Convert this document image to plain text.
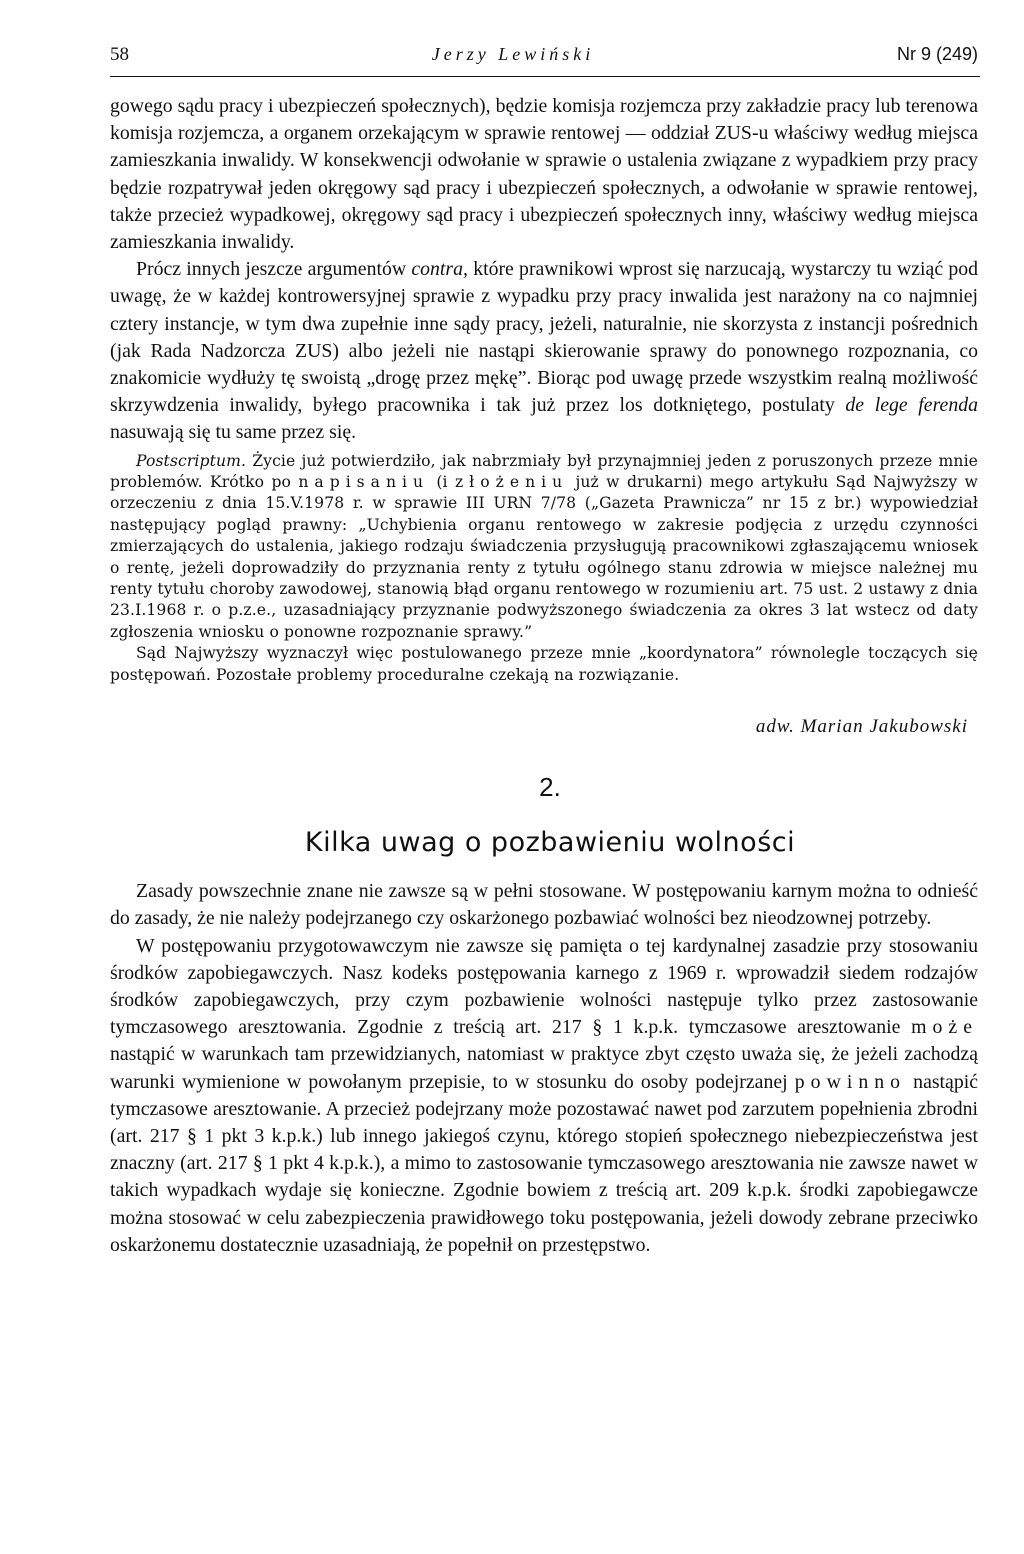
58	Jerzy Lewiński	Nr 9 (249)

gowego sądu pracy i ubezpieczeń społecznych), będzie komisja rozjemcza przy zakładzie pracy lub terenowa komisja rozjemcza, a organem orzekającym w sprawie rentowej — oddział ZUS-u właściwy według miejsca zamieszkania inwalidy. W konsekwencji odwołanie w sprawie o ustalenia związane z wypadkiem przy pracy będzie rozpatrywał jeden okręgowy sąd pracy i ubezpieczeń społecznych, a odwołanie w sprawie rentowej, także przecież wypadkowej, okręgowy sąd pracy i ubezpieczeń społecznych inny, właściwy według miejsca zamieszkania inwalidy.

Prócz innych jeszcze argumentów contra, które prawnikowi wprost się narzucają, wystarczy tu wziąć pod uwagę, że w każdej kontrowersyjnej sprawie z wypadku przy pracy inwalida jest narażony na co najmniej cztery instancje, w tym dwa zupełnie inne sądy pracy, jeżeli, naturalnie, nie skorzysta z instancji pośrednich (jak Rada Nadzorcza ZUS) albo jeżeli nie nastąpi skierowanie sprawy do ponownego rozpoznania, co znakomicie wydłuży tę swoistą „drogę przez mękę”. Biorąc pod uwagę przede wszystkim realną możliwość skrzywdzenia inwalidy, byłego pracownika i tak już przez los dotkniętego, postulaty de lege ferenda nasuwają się tu same przez się.

Postscriptum. Życie już potwierdziło, jak nabrzmiały był przynajmniej jeden z poruszonych przeze mnie problemów. Krótko po napisaniu (i złożeniu już w drukarni) mego artykułu Sąd Najwyższy w orzeczeniu z dnia 15.V.1978 r. w sprawie III URN 7/78 („Gazeta Prawnicza” nr 15 z br.) wypowiedział następujący pogląd prawny: „Uchybienia organu rentowego w zakresie podjęcia z urzędu czynności zmierzających do ustalenia, jakiego rodzaju świadczenia przysługują pracownikowi zgłaszającemu wniosek o rentę, jeżeli doprowadziły do przyznania renty z tytułu ogólnego stanu zdrowia w miejsce należnej mu renty tytułu choroby zawodowej, stanowią błąd organu rentowego w rozumieniu art. 75 ust. 2 ustawy z dnia 23.I.1968 r. o p.z.e., uzasadniający przyznanie podwyższonego świadczenia za okres 3 lat wstecz od daty zgłoszenia wniosku o ponowne rozpoznanie sprawy.”

Sąd Najwyższy wyznaczył więc postulowanego przeze mnie „koordynatora” równolegle toczących się postępowań. Pozostałe problemy proceduralne czekają na rozwiązanie.

adw. Marian Jakubowski
2.
Kilka uwag o pozbawieniu wolności

Zasady powszechnie znane nie zawsze są w pełni stosowane. W postępowaniu karnym można to odnieść do zasady, że nie należy podejrzanego czy oskarżonego pozbawiać wolności bez nieodzownej potrzeby.

W postępowaniu przygotowawczym nie zawsze się pamięta o tej kardynalnej zasadzie przy stosowaniu środków zapobiegawczych. Nasz kodeks postępowania karnego z 1969 r. wprowadził siedem rodzajów środków zapobiegawczych, przy czym pozbawienie wolności następuje tylko przez zastosowanie tymczasowego aresztowania. Zgodnie z treścią art. 217 § 1 k.p.k. tymczasowe aresztowanie może nastąpić w warunkach tam przewidzianych, natomiast w praktyce zbyt często uważa się, że jeżeli zachodzą warunki wymienione w powołanym przepisie, to w stosunku do osoby podejrzanej powinno nastąpić tymczasowe aresztowanie. A przecież podejrzany może pozostawać nawet pod zarzutem popełnienia zbrodni (art. 217 § 1 pkt 3 k.p.k.) lub innego jakiegoś czynu, którego stopień społecznego niebezpieczeństwa jest znaczny (art. 217 § 1 pkt 4 k.p.k.), a mimo to zastosowanie tymczasowego aresztowania nie zawsze nawet w takich wypadkach wydaje się konieczne. Zgodnie bowiem z treścią art. 209 k.p.k. środki zapobiegawcze można stosować w celu zabezpieczenia prawidłowego toku postępowania, jeżeli dowody zebrane przeciwko oskarżonemu dostatecznie uzasadniają, że popełnił on przestępstwo.
